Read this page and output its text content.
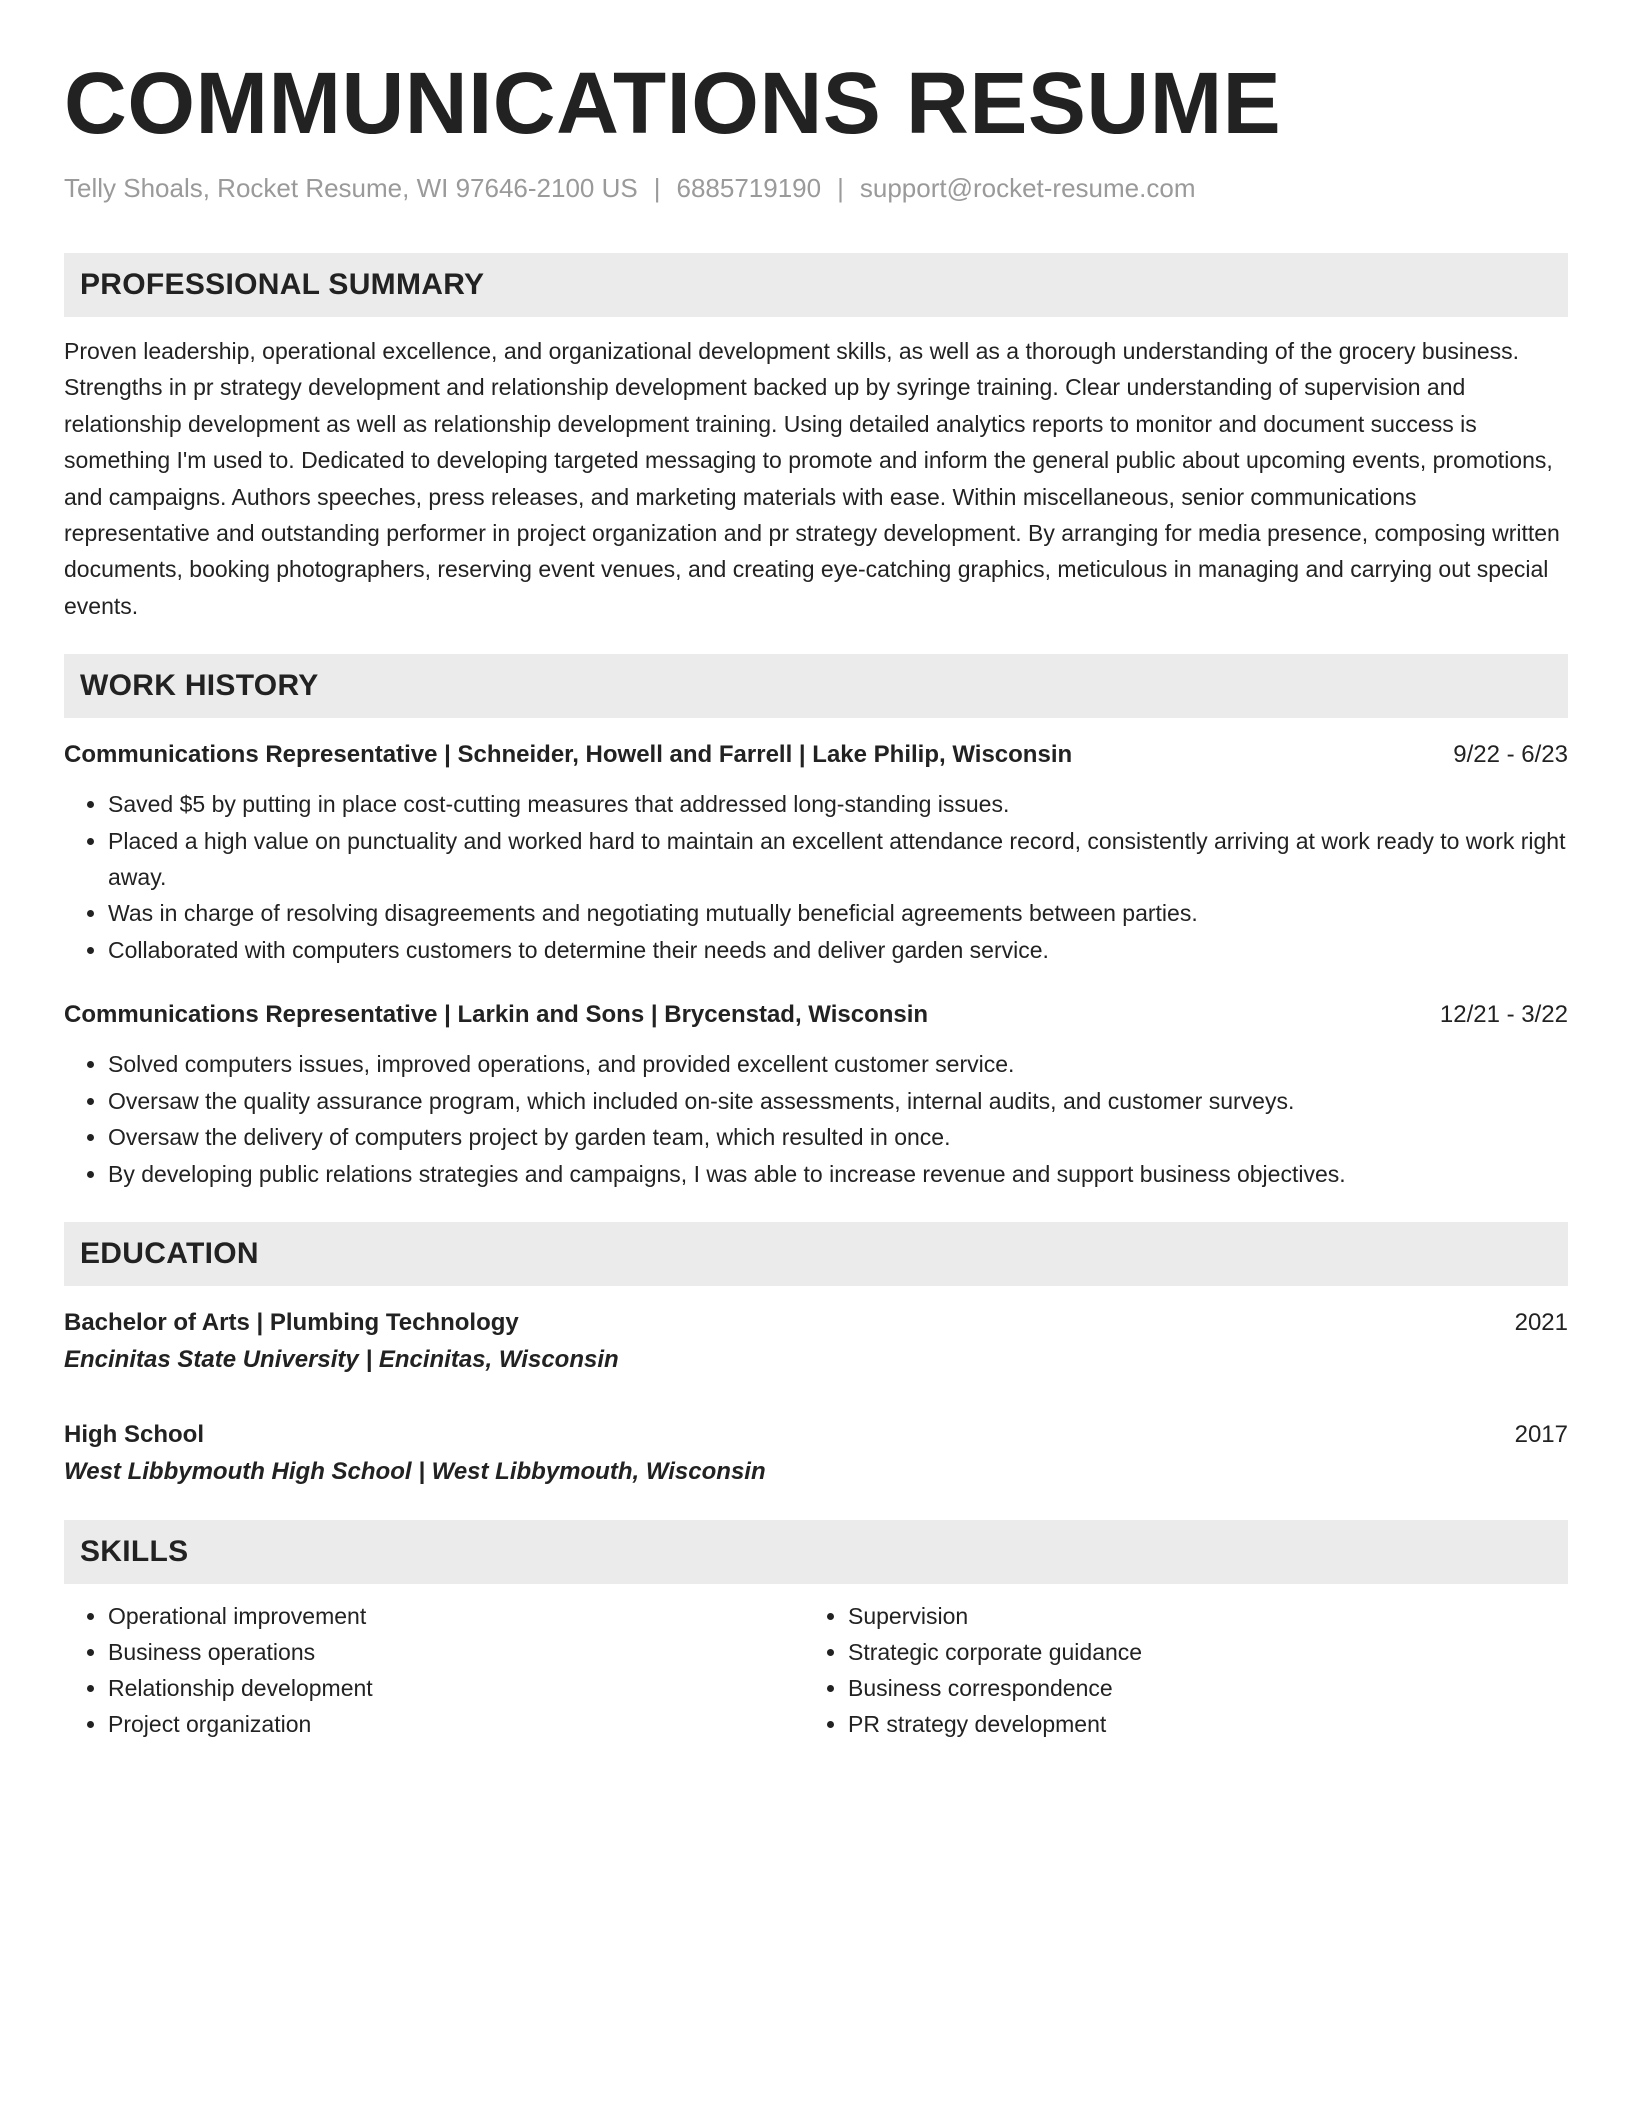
COMMUNICATIONS RESUME
Telly Shoals, Rocket Resume, WI 97646-2100 US | 6885719190 | support@rocket-resume.com
PROFESSIONAL SUMMARY
Proven leadership, operational excellence, and organizational development skills, as well as a thorough understanding of the grocery business. Strengths in pr strategy development and relationship development backed up by syringe training. Clear understanding of supervision and relationship development as well as relationship development training. Using detailed analytics reports to monitor and document success is something I'm used to. Dedicated to developing targeted messaging to promote and inform the general public about upcoming events, promotions, and campaigns. Authors speeches, press releases, and marketing materials with ease. Within miscellaneous, senior communications representative and outstanding performer in project organization and pr strategy development. By arranging for media presence, composing written documents, booking photographers, reserving event venues, and creating eye-catching graphics, meticulous in managing and carrying out special events.
WORK HISTORY
Communications Representative | Schneider, Howell and Farrell | Lake Philip, Wisconsin	9/22 - 6/23
• Saved $5 by putting in place cost-cutting measures that addressed long-standing issues.
• Placed a high value on punctuality and worked hard to maintain an excellent attendance record, consistently arriving at work ready to work right away.
• Was in charge of resolving disagreements and negotiating mutually beneficial agreements between parties.
• Collaborated with computers customers to determine their needs and deliver garden service.
Communications Representative | Larkin and Sons | Brycenstad, Wisconsin	12/21 - 3/22
• Solved computers issues, improved operations, and provided excellent customer service.
• Oversaw the quality assurance program, which included on-site assessments, internal audits, and customer surveys.
• Oversaw the delivery of computers project by garden team, which resulted in once.
• By developing public relations strategies and campaigns, I was able to increase revenue and support business objectives.
EDUCATION
Bachelor of Arts | Plumbing Technology	2021
Encinitas State University | Encinitas, Wisconsin
High School	2017
West Libbymouth High School | West Libbymouth, Wisconsin
SKILLS
• Operational improvement
• Business operations
• Relationship development
• Project organization
• Supervision
• Strategic corporate guidance
• Business correspondence
• PR strategy development
